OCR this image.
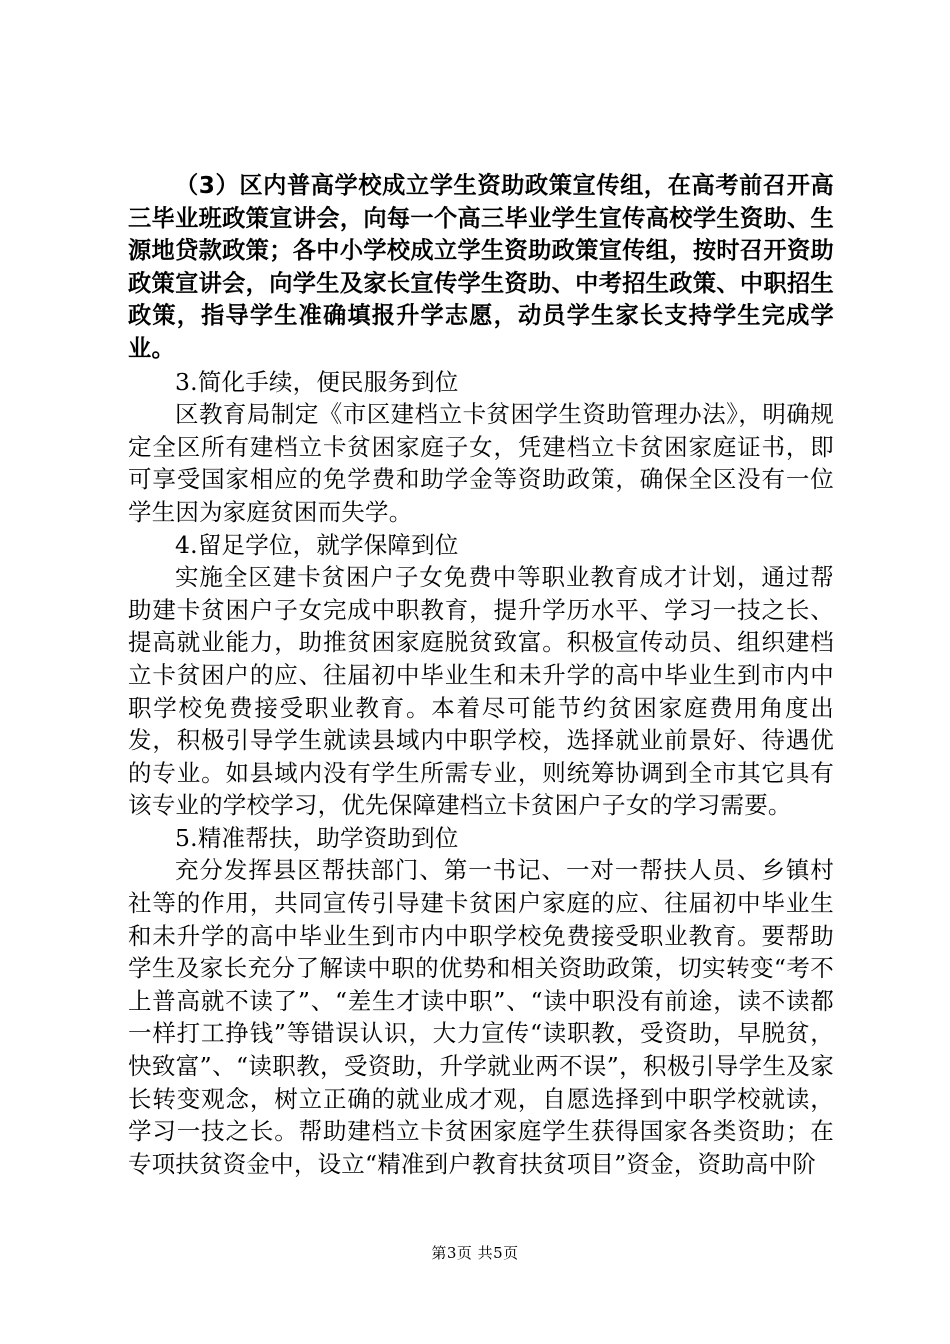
（3）区内普高学校成立学生资助政策宣传组，在高考前召开高三毕业班政策宣讲会，向每一个高三毕业学生宣传高校学生资助、生源地贷款政策；各中小学校成立学生资助政策宣传组，按时召开资助政策宣讲会，向学生及家长宣传学生资助、中考招生政策、中职招生政策，指导学生准确填报升学志愿，动员学生家长支持学生完成学业。

3.简化手续，便民服务到位

区教育局制定《市区建档立卡贫困学生资助管理办法》，明确规定全区所有建档立卡贫困家庭子女，凭建档立卡贫困家庭证书，即可享受国家相应的免学费和助学金等资助政策，确保全区没有一位学生因为家庭贫困而失学。

4.留足学位，就学保障到位

实施全区建卡贫困户子女免费中等职业教育成才计划，通过帮助建卡贫困户子女完成中职教育，提升学历水平、学习一技之长、提高就业能力，助推贫困家庭脱贫致富。积极宣传动员、组织建档立卡贫困户的应、往届初中毕业生和未升学的高中毕业生到市内中职学校免费接受职业教育。本着尽可能节约贫困家庭费用角度出发，积极引导学生就读县域内中职学校，选择就业前景好、待遇优的专业。如县域内没有学生所需专业，则统筹协调到全市其它具有该专业的学校学习，优先保障建档立卡贫困户子女的学习需要。

5.精准帮扶，助学资助到位

充分发挥县区帮扶部门、第一书记、一对一帮扶人员、乡镇村社等的作用，共同宣传引导建卡贫困户家庭的应、往届初中毕业生和未升学的高中毕业生到市内中职学校免费接受职业教育。要帮助学生及家长充分了解读中职的优势和相关资助政策，切实转变“考不上普高就不读了”、“差生才读中职”、“读中职没有前途，读不读都一样打工挣钱”等错误认识，大力宣传“读职教，受资助，早脱贫，快致富”、“读职教，受资助，升学就业两不误”，积极引导学生及家长转变观念，树立正确的就业成才观，自愿选择到中职学校就读，学习一技之长。帮助建档立卡贫困家庭学生获得国家各类资助；在专项扶贫资金中，设立“精准到户教育扶贫项目”资金，资助高中阶

第3页 共5页
